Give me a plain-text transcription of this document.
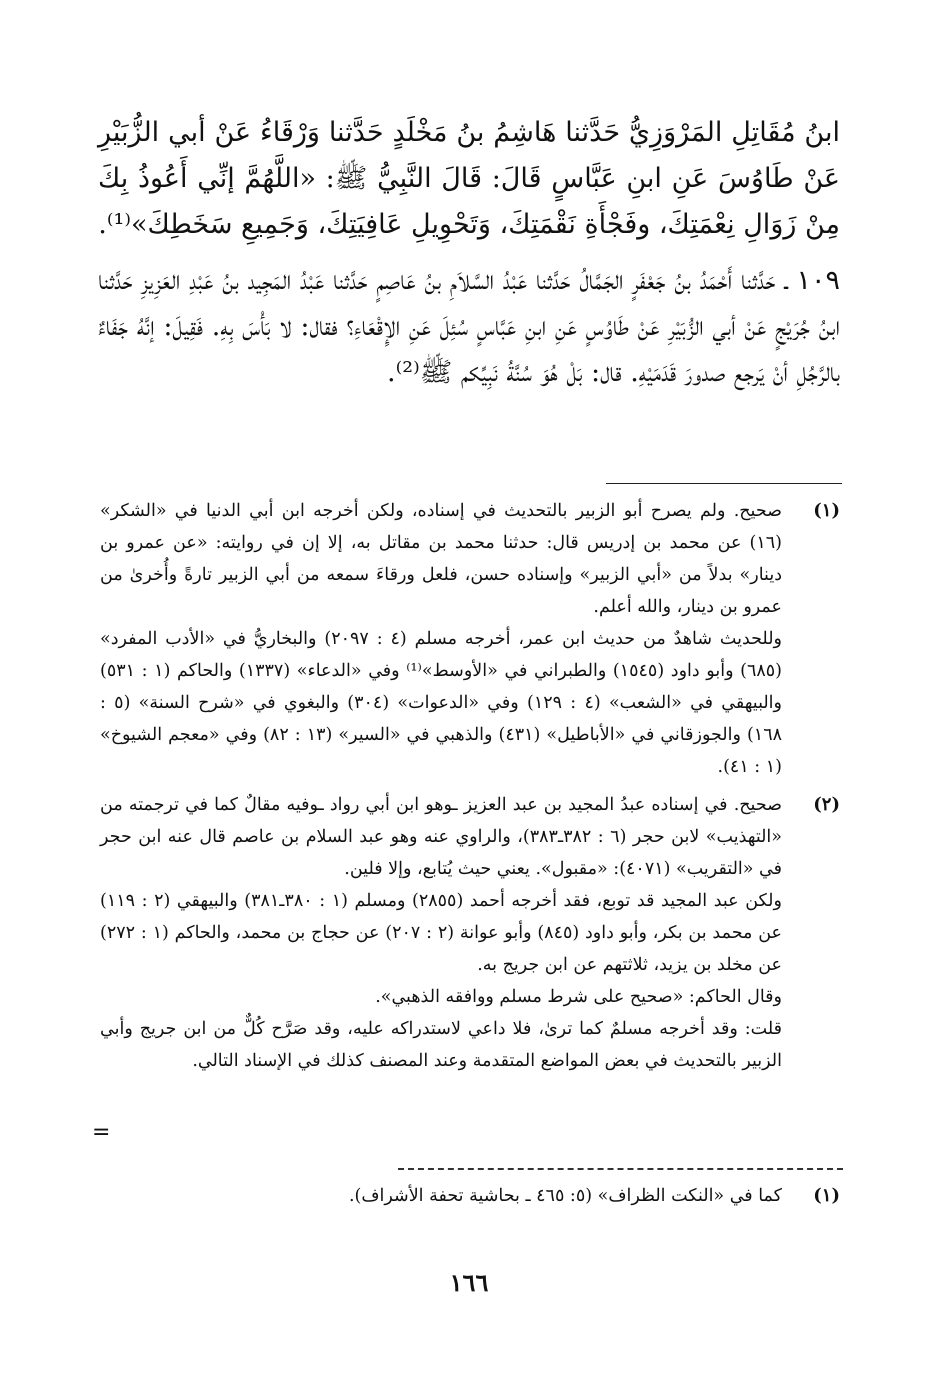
ابنُ مُقَاتِلِ المَرْوَزِيُّ حَدَّثنا هَاشِمُ بنُ مَخْلَدٍ حَدَّثنا وَرْقَاءُ عَنْ أبي الزُّبَيْرِ عَنْ طَاوُسَ عَنِ ابنِ عَبَّاسٍ قَالَ: قَالَ النَّبِيُّ ﷺ: «اللَّهُمَّ إنِّي أَعُوذُ بِكَ مِنْ زَوَالِ نِعْمَتِكَ، وفَجْأَةِ نَقْمَتِكَ، وَتَحْوِيلِ عَافِيَتِكَ، وَجَمِيعِ سَخَطِكَ»⁽¹⁾.

١٠٩ ـ حَدَّثنا أَحْمَدُ بنُ جَعْفَرٍ الجَمَّالُ حَدَّثنا عَبْدُ السَّلاَمِ بنُ عَاصِمٍ حَدَّثنا عَبْدُ المَجِيد بنُ عَبْدِ العَزِيزِ حَدَّثنا ابنُ جُرَيْجٍ عَنْ أبي الزُّبَيْرِ عَنْ طَاوُسٍ عَنِ ابنِ عَبَّاسٍ سُئِلَ عَنِ الإِقْعَاءِ؟ فقال: لا بَأْسَ بِهِ. فَقِيلَ: إنَّهُ جَفَاءٌ بالرَّجُلِ أنْ يَرجع صدورَ قَدَمَيْهِ. قال: بَلْ هُوَ سُنَّةُ نَبِيِّكم ﷺ⁽²⁾.

(١)

صحيح. ولم يصرح أبو الزبير بالتحديث في إسناده، ولكن أخرجه ابن أبي الدنيا في «الشكر» (١٦) عن محمد بن إدريس قال: حدثنا محمد بن مقاتل به، إلا إن في روايته: «عن عمرو بن دينار» بدلاً من «أبي الزبير» وإسناده حسن، فلعل ورقاءَ سمعه من أبي الزبير تارةً وأُخرىٰ من عمرو بن دينار، والله أعلم.

وللحديث شاهدٌ من حديث ابن عمر، أخرجه مسلم (٤ : ٢٠٩٧) والبخاريُّ في «الأدب المفرد» (٦٨٥) وأبو داود (١٥٤٥) والطبراني في «الأوسط»⁽¹⁾ وفي «الدعاء» (١٣٣٧) والحاكم (١ : ٥٣١) والبيهقي في «الشعب» (٤ : ١٢٩) وفي «الدعوات» (٣٠٤) والبغوي في «شرح السنة» (٥ : ١٦٨) والجوزقاني في «الأباطيل» (٤٣١) والذهبي في «السير» (١٣ : ٨٢) وفي «معجم الشيوخ» (١ : ٤١).

(٢)

صحيح. في إسناده عبدُ المجيد بن عبد العزيز ـوهو ابن أبي رواد ـوفيه مقالٌ كما في ترجمته من «التهذيب» لابن حجر (٦ : ٣٨٢ـ٣٨٣)، والراوي عنه وهو عبد السلام بن عاصم قال عنه ابن حجر في «التقريب» (٤٠٧١): «مقبول». يعني حيث يُتابع، وإلا فلين.

ولكن عبد المجيد قد توبع، فقد أخرجه أحمد (٢٨٥٥) ومسلم (١ : ٣٨٠ـ٣٨١) والبيهقي (٢ : ١١٩) عن محمد بن بكر، وأبو داود (٨٤٥) وأبو عوانة (٢ : ٢٠٧) عن حجاج بن محمد، والحاكم (١ : ٢٧٢) عن مخلد بن يزيد، ثلاثتهم عن ابن جريج به.

وقال الحاكم: «صحيح على شرط مسلم ووافقه الذهبي».

قلت: وقد أخرجه مسلمٌ كما ترىٰ، فلا داعي لاستدراكه عليه، وقد صَرَّح كُلٌّ من ابن جريج وأبي الزبير بالتحديث في بعض المواضع المتقدمة وعند المصنف كذلك في الإسناد التالي.

=
(١)

كما في «النكت الظراف» (٥: ٤٦٥ ـ بحاشية تحفة الأشراف).

١٦٦
